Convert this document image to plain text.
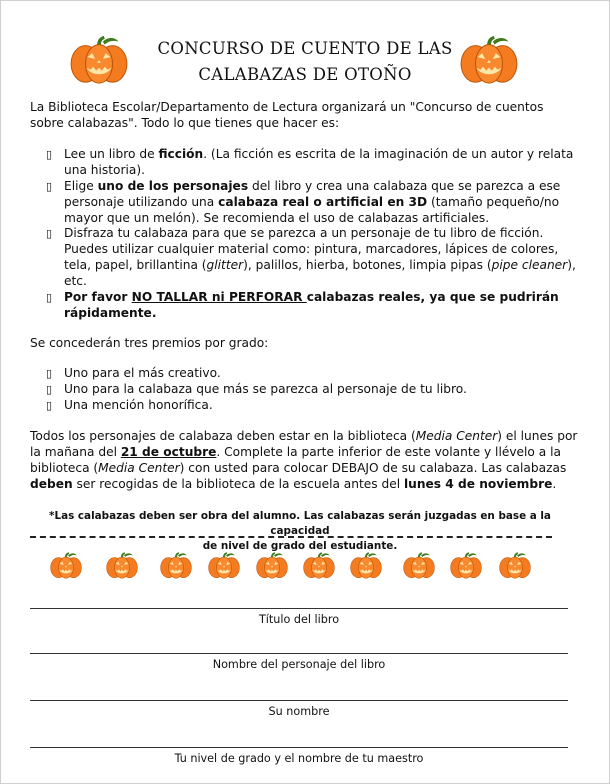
CONCURSO DE CUENTO DE LAS
CALABAZAS DE OTOÑO
La Biblioteca Escolar/Departamento de Lectura organizará un "Concurso de cuentos
sobre calabazas". Todo lo que tienes que hacer es:
▯
Lee un libro de ficción. (La ficción es escrita de la imaginación de un autor y relata
una historia).
▯
Elige uno de los personajes del libro y crea una calabaza que se parezca a ese
personaje utilizando una calabaza real o artificial en 3D (tamaño pequeño/no
mayor que un melón). Se recomienda el uso de calabazas artificiales.
▯
Disfraza tu calabaza para que se parezca a un personaje de tu libro de ficción.
Puedes utilizar cualquier material como: pintura, marcadores, lápices de colores,
tela, papel, brillantina (glitter), palillos, hierba, botones, limpia pipas (pipe cleaner),
etc.
▯
Por favor NO TALLAR ni PERFORAR calabazas reales, ya que se pudrirán
rápidamente.
Se concederán tres premios por grado:
▯
Uno para el más creativo.
▯
Uno para la calabaza que más se parezca al personaje de tu libro.
▯
Una mención honorífica.
Todos los personajes de calabaza deben estar en la biblioteca (Media Center) el lunes por
la mañana del 21 de octubre. Complete la parte inferior de este volante y llévelo a la
biblioteca (Media Center) con usted para colocar DEBAJO de su calabaza. Las calabazas
deben ser recogidas de la biblioteca de la escuela antes del lunes 4 de noviembre.
*Las calabazas deben ser obra del alumno. Las calabazas serán juzgadas en base a la capacidad
de nivel de grado del estudiante.
Título del libro
Nombre del personaje del libro
Su nombre
Tu nivel de grado y el nombre de tu maestro
